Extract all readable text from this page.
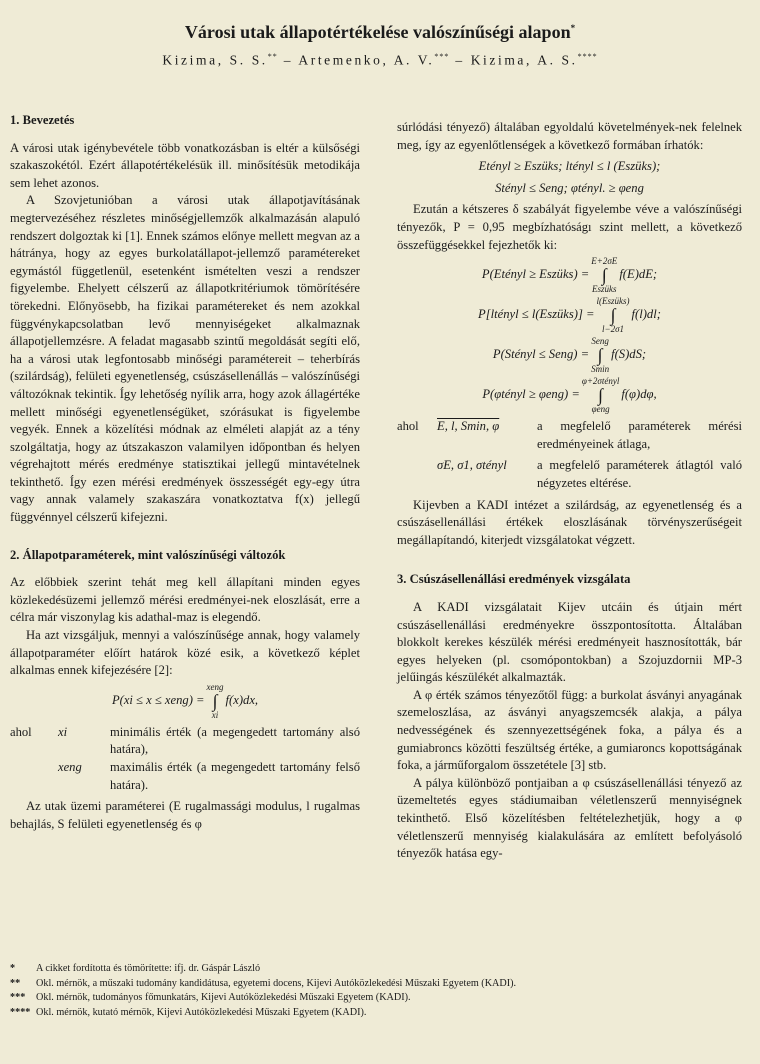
Városi utak állapotértékelése valószínűségi alapon*
Kizima, S. S.** – Artemenko, A. V.*** – Kizima, A. S.****
1. Bevezetés

A városi utak igénybevétele több vonatkozásban is eltér a külsőségi szakaszokétól. Ezért állapotértékelésük ill. minősítésük metodikája sem lehet azonos.

A Szovjetunióban a városi utak állapotjavításának megtervezéséhez részletes minőségjellemzők alkalmazásán alapuló rendszert dolgoztak ki [1]. Ennek számos előnye mellett megvan az a hátránya, hogy az egyes burkolatállapot-jellemző paramétereket egymástól függetlenül, esetenként ismételten veszi a rendszer figyelembe. Ehelyett célszerű az állapotkritériumok tömörítésére törekedni. Előnyösebb, ha fizikai paramétereket és nem azokkal függvénykapcsolatban levő mennyiségeket alkalmaznak állapotjellemzésre. A feladat magasabb szintű megoldását segíti elő, ha a városi utak legfontosabb minőségi paramétereit – teherbírás (szilárdság), felületi egyenetlenség, csúszásellenállás – valószínűségi változóknak tekintik. Így lehetőség nyílik arra, hogy azok állagértéke mellett minőségi egyenetlenségüket, szórásukat is figyelembe vegyék. Ennek a közelítési módnak az elméleti alapját az a tény szolgáltatja, hogy az útszakaszon valamilyen időpontban és helyen végrehajtott mérés eredménye statisztikai jellegű mintavételnek tekinthető. Így ezen mérési eredmények összességét egy-egy útra vagy annak valamely szakaszára vonatkoztatva f(x) jellegű függvénnyel célszerű kifejezni.

2. Állapotparaméterek, mint valószínűségi változók

Az előbbiek szerint tehát meg kell állapítani minden egyes közlekedésüzemi jellemző mérési eredményei-nek eloszlását, erre a célra már viszonylag kis adathal-maz is elegendő.

Ha azt vizsgáljuk, mennyi a valószínűsége annak, hogy valamely állapotparaméter előírt határok közé esik, a következő képlet alkalmas ennek kifejezésére [2]:

P(xi ≤ x ≤ xeng) =
xeng
∫
xi
f(x)dx,
ahol	xi	minimális érték (a megengedett tartomány alsó határa),
xeng	maximális érték (a megengedett tartomány felső határa).

Az utak üzemi paraméterei (E rugalmassági modulus, l rugalmas behajlás, S felületi egyenetlenség és φ

súrlódási tényező) általában egyoldalú követelmények-nek felelnek meg, így az egyenlőtlenségek a következő formában írhatók:

Etényl ≥ Eszüks; ltényl ≤ l (Eszüks);
Stényl ≤ Seng; φtényl. ≥ φeng

Ezután a kétszeres δ szabályát figyelembe véve a valószínűségi tényezők, P = 0,95 megbízhatóságı szint mellett, a következő összefüggésekkel fejezhetők ki:

P(Etényl ≥ Eszüks) =
E+2σE
∫
Eszüks
f(E)dE;
P[ltényl ≤ l(Eszüks)] =
l(Eszüks)
∫
l−2σ1
f(l)dl;
P(Stényl ≤ Seng) =
Seng
∫
Smin
f(S)dS;
P(φtényl ≥ φeng) =
φ+2σtényl
∫
φeng
f(φ)dφ,
ahol	E, l, Smin, φ	a megfelelő paraméterek mérési eredményeinek átlaga,
σE, σ1, σtényl	a megfelelő paraméterek átlagtól való négyzetes eltérése.

Kijevben a KADI intézet a szilárdság, az egyenetlenség és a csúszásellenállási értékek eloszlásának törvényszerűségeit megállapítandó, kiterjedt vizsgálatokat végzett.

3. Csúszásellenállási eredmények vizsgálata

A KADI vizsgálatait Kijev utcáin és útjain mért csúszásellenállási eredményekre összpontosította. Általában blokkolt kerekes készülék mérési eredményeit hasznosították, bár egyes helyeken (pl. csomópontokban) a Szojuzdornii MP-3 jelűingás készülékét alkalmazták.

A φ érték számos tényezőtől függ: a burkolat ásványi anyagának szemeloszlása, az ásványi anyagszemcsék alakja, a pálya nedvességének és szennyezettségének foka, a pálya és a gumiabroncs közötti feszültség értéke, a gumiaroncs kopottságának foka, a járműforgalom összetétele [3] stb.

A pálya különböző pontjaiban a φ csúszásellenállási tényező az üzemeltetés egyes stádiumaiban véletlenszerű mennyiségnek tekinthető. Első közelítésben feltételezhetjük, hogy a φ véletlenszerű mennyiség kialakulására az említett befolyásoló tényezők hatása egy-

*	A cikket fordította és tömörítette: ifj. dr. Gáspár László
**	Okl. mérnök, a műszaki tudomány kandidátusa, egyetemi docens, Kijevi Autóközlekedési Műszaki Egyetem (KADI).
***	Okl. mérnök, tudományos főmunkatárs, Kijevi Autóközlekedési Műszaki Egyetem (KADI).
**** Okl. mérnök, kutató mérnök, Kijevi Autóközlekedési Műszaki Egyetem (KADI).
